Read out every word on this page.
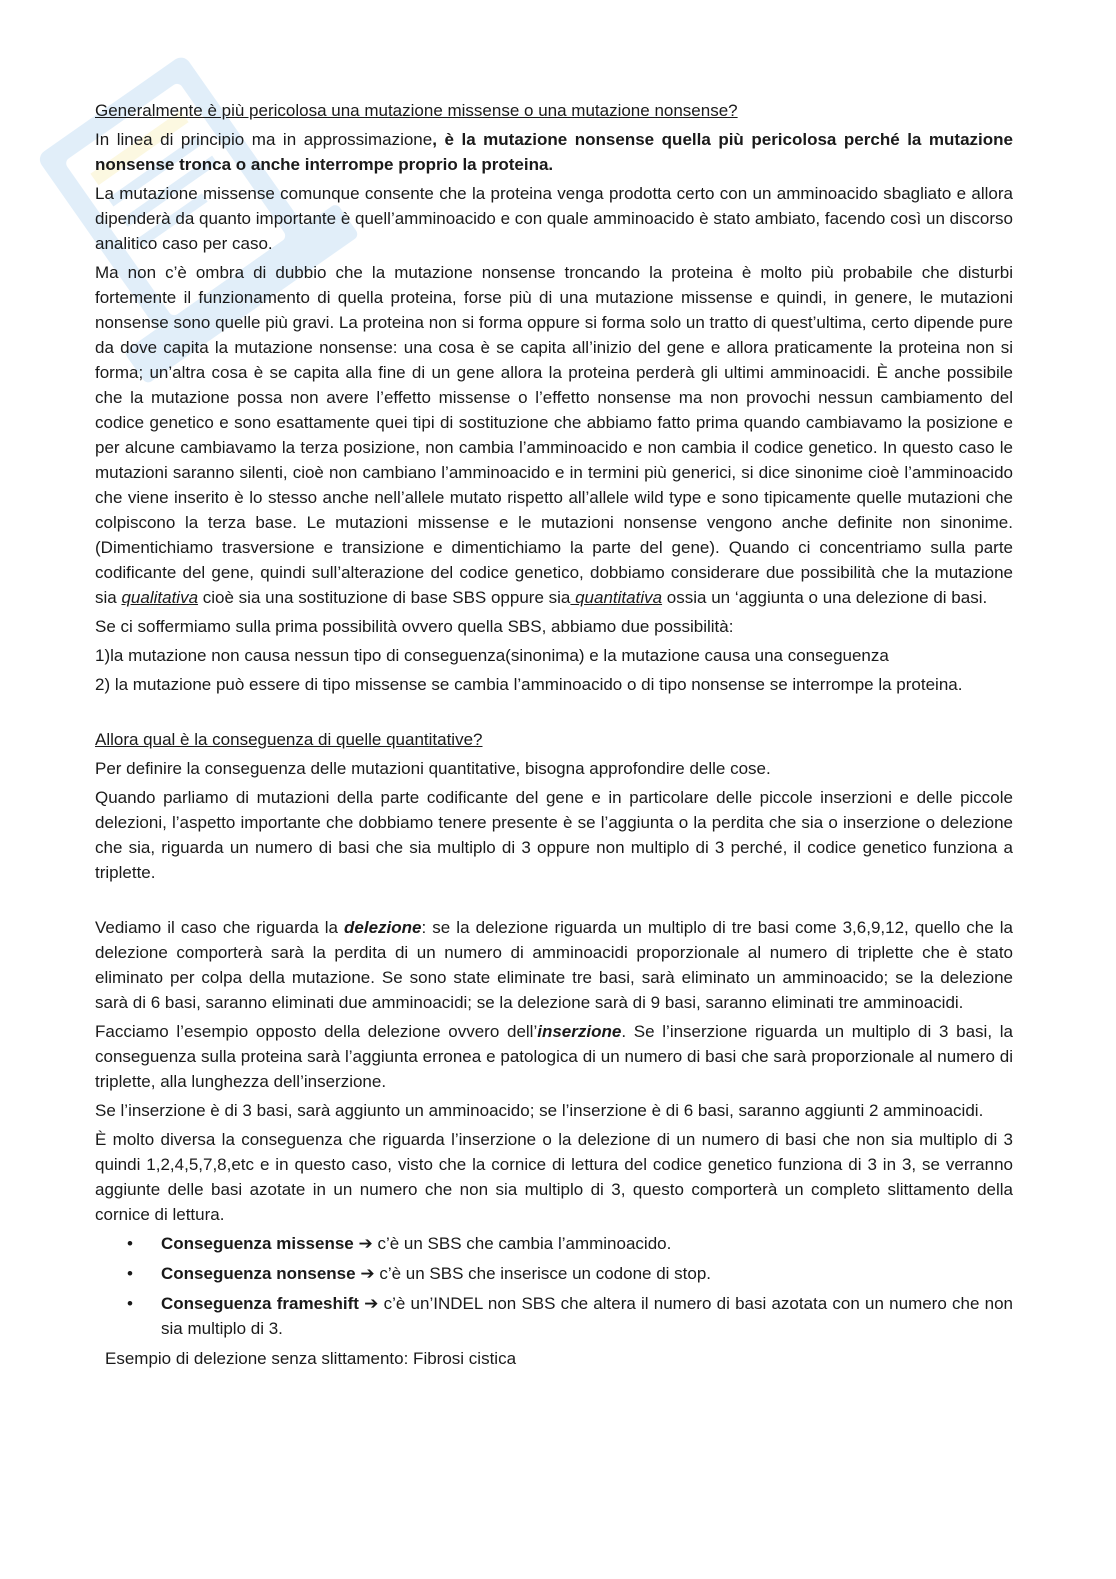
Generalmente è più pericolosa una mutazione missense o una mutazione nonsense?

In linea di principio ma in approssimazione, è la mutazione nonsense quella più pericolosa perché la mutazione nonsense tronca o anche interrompe proprio la proteina.

La mutazione missense comunque consente che la proteina venga prodotta certo con un amminoacido sbagliato e allora dipenderà da quanto importante è quell’amminoacido e con quale amminoacido è stato ambiato, facendo così un discorso analitico caso per caso.

Ma non c’è ombra di dubbio che la mutazione nonsense troncando la proteina è molto più probabile che disturbi fortemente il funzionamento di quella proteina, forse più di una mutazione missense e quindi, in genere, le mutazioni nonsense sono quelle più gravi. La proteina non si forma oppure si forma solo un tratto di quest’ultima, certo dipende pure da dove capita la mutazione nonsense: una cosa è se capita all’inizio del gene e allora praticamente la proteina non si forma; un’altra cosa è se capita alla fine di un gene allora la proteina perderà gli ultimi amminoacidi. È anche possibile che la mutazione possa non avere l’effetto missense o l’effetto nonsense ma non provochi nessun cambiamento del codice genetico e sono esattamente quei tipi di sostituzione che abbiamo fatto prima quando cambiavamo la posizione e per alcune cambiavamo la terza posizione, non cambia l’amminoacido e non cambia il codice genetico. In questo caso le mutazioni saranno silenti, cioè non cambiano l’amminoacido e in termini più generici, si dice sinonime cioè l’amminoacido che viene inserito è lo stesso anche nell’allele mutato rispetto all’allele wild type e sono tipicamente quelle mutazioni che colpiscono la terza base. Le mutazioni missense e le mutazioni nonsense vengono anche definite non sinonime. (Dimentichiamo trasversione e transizione e dimentichiamo la parte del gene). Quando ci concentriamo sulla parte codificante del gene, quindi sull’alterazione del codice genetico, dobbiamo considerare due possibilità che la mutazione sia qualitativa cioè sia una sostituzione di base SBS oppure sia quantitativa ossia un ‘aggiunta o una delezione di basi.

Se ci soffermiamo sulla prima possibilità ovvero quella SBS, abbiamo due possibilità:

1)la mutazione non causa nessun tipo di conseguenza(sinonima) e la mutazione causa una conseguenza

2) la mutazione può essere di tipo missense se cambia l’amminoacido o di tipo nonsense se interrompe la proteina.

Allora qual è la conseguenza di quelle quantitative?

Per definire la conseguenza delle mutazioni quantitative, bisogna approfondire delle cose.

Quando parliamo di mutazioni della parte codificante del gene e in particolare delle piccole inserzioni e delle piccole delezioni, l’aspetto importante che dobbiamo tenere presente è se l’aggiunta o la perdita che sia o inserzione o delezione che sia, riguarda un numero di basi che sia multiplo di 3 oppure non multiplo di 3 perché, il codice genetico funziona a triplette.

Vediamo il caso che riguarda la delezione: se la delezione riguarda un multiplo di tre basi come 3,6,9,12, quello che la delezione comporterà sarà la perdita di un numero di amminoacidi proporzionale al numero di triplette che è stato eliminato per colpa della mutazione. Se sono state eliminate tre basi, sarà eliminato un amminoacido; se la delezione sarà di 6 basi, saranno eliminati due amminoacidi; se la delezione sarà di 9 basi, saranno eliminati tre amminoacidi.

Facciamo l’esempio opposto della delezione ovvero dell’inserzione. Se l’inserzione riguarda un multiplo di 3 basi, la conseguenza sulla proteina sarà l’aggiunta erronea e patologica di un numero di basi che sarà proporzionale al numero di triplette, alla lunghezza dell’inserzione.

Se l’inserzione è di 3 basi, sarà aggiunto un amminoacido; se l’inserzione è di 6 basi, saranno aggiunti 2 amminoacidi.

È molto diversa la conseguenza che riguarda l’inserzione o la delezione di un numero di basi che non sia multiplo di 3 quindi 1,2,4,5,7,8,etc e in questo caso, visto che la cornice di lettura del codice genetico funziona di 3 in 3, se verranno aggiunte delle basi azotate in un numero che non sia multiplo di 3, questo comporterà un completo slittamento della cornice di lettura.

• Conseguenza missense ➔ c’è un SBS che cambia l’amminoacido.
• Conseguenza nonsense ➔ c’è un SBS che inserisce un codone di stop.
• Conseguenza frameshift ➔ c’è un’INDEL non SBS che altera il numero di basi azotata con un numero che non sia multiplo di 3.

Esempio di delezione senza slittamento: Fibrosi cistica
